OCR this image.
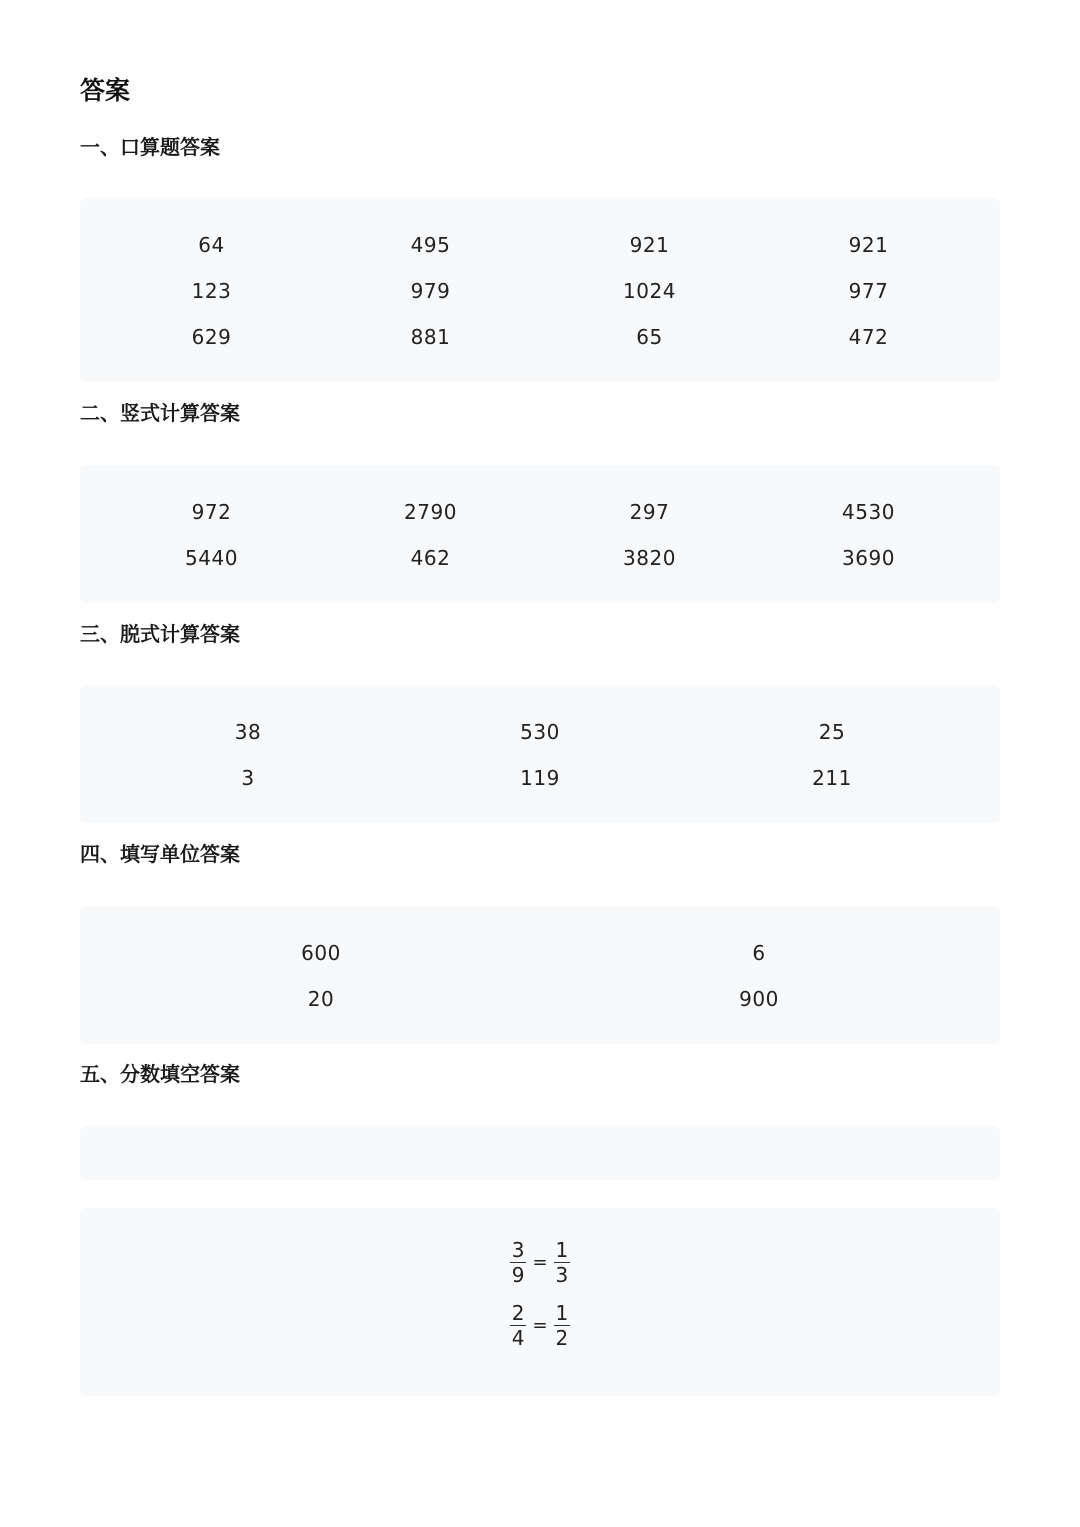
答案
一、口算题答案
64	495	921	921
123	979	1024	977
629	881	65	472
二、竖式计算答案
972	2790	297	4530
5440	462	3820	3690
三、脱式计算答案
38	530	25
3	119	211
四、填写单位答案
600	6
20	900
五、分数填空答案
$\frac{3}{9} = \frac{1}{3}$
$\frac{2}{4} = \frac{1}{2}$
